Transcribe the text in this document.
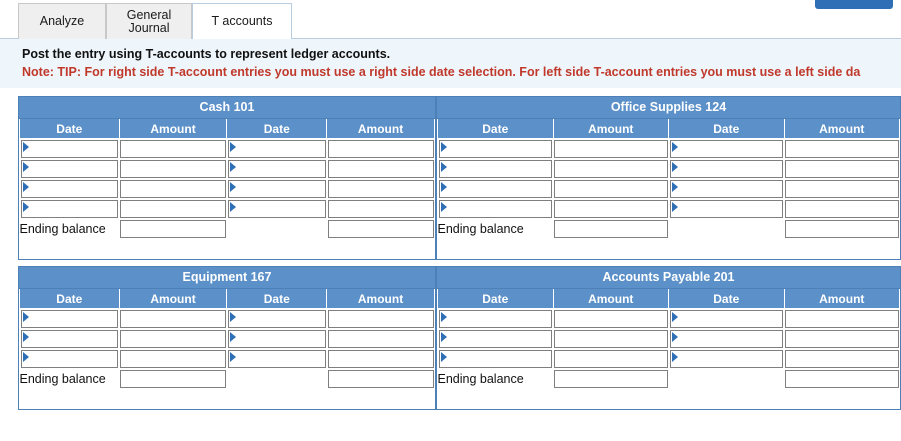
Analyze	General Journal	T accounts
Post the entry using T-accounts to represent ledger accounts.
Note: TIP: For right side T-account entries you must use a right side date selection. For left side T-account entries you must use a left side da
Cash 101
Date	Amount	Date	Amount

Ending balance	

Equipment 167
Date	Amount	Date	Amount

Ending balance	

Office Supplies 124
Date	Amount	Date	Amount

Ending balance	

Accounts Payable 201
Date	Amount	Date	Amount

Ending balance	
